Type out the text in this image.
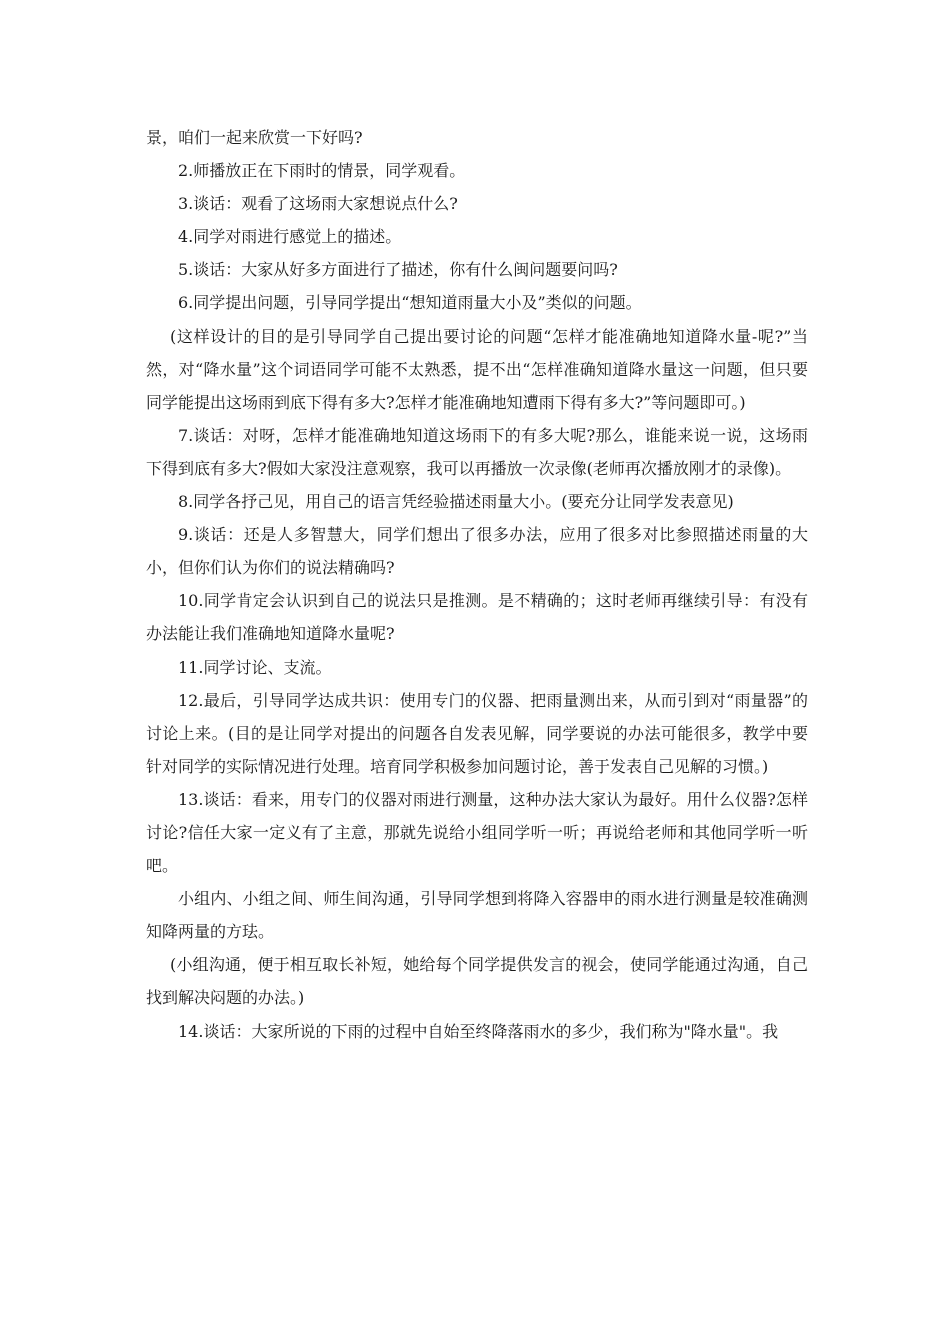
景，咱们一起来欣赏一下好吗?

2.师播放正在下雨时的情景，同学观看。

3.谈话：观看了这场雨大家想说点什么?

4.同学对雨进行感觉上的描述。

5.谈话：大家从好多方面进行了描述，你有什么闽问题要问吗?

6.同学提出问题，引导同学提出“想知道雨量大小及”类似的问题。

(这样设计的目的是引导同学自己提出要讨论的问题“怎样才能准确地知道降水量-呢?”当然，对“降水量”这个词语同学可能不太熟悉，提不出“怎样准确知道降水量这一问题，但只要同学能提出这场雨到底下得有多大?怎样才能准确地知遭雨下得有多大?”等问题即可。)

7.谈话：对呀，怎样才能准确地知道这场雨下的有多大呢?那么，谁能来说一说，这场雨下得到底有多大?假如大家没注意观察，我可以再播放一次录像(老师再次播放刚才的录像)。

8.同学各抒己见，用自己的语言凭经验描述雨量大小。(要充分让同学发表意见)

9.谈话：还是人多智慧大，同学们想出了很多办法，应用了很多对比参照描述雨量的大小，但你们认为你们的说法精确吗?

10.同学肯定会认识到自己的说法只是推测。是不精确的；这时老师再继续引导：有没有办法能让我们准确地知道降水量呢?

11.同学讨论、支流。

12.最后，引导同学达成共识：使用专门的仪器、把雨量测出来，从而引到对“雨量器”的讨论上来。(目的是让同学对提出的问题各自发表见解，同学要说的办法可能很多，教学中要针对同学的实际情况进行处理。培育同学积极参加问题讨论，善于发表自己见解的习惯。)

13.谈话：看来，用专门的仪器对雨进行测量，这种办法大家认为最好。用什么仪器?怎样讨论?信任大家一定义有了主意，那就先说给小组同学听一听；再说给老师和其他同学听一听吧。

小组内、小组之间、师生间沟通，引导同学想到将降入容器申的雨水进行测量是较准确测知降两量的方珐。

(小组沟通，便于相互取长补短，她给每个同学提供发言的视会，使同学能通过沟通，自己找到解决闷题的办法。)

14.谈话：大家所说的下雨的过程中自始至终降落雨水的多少，我们称为"降水量"。我
